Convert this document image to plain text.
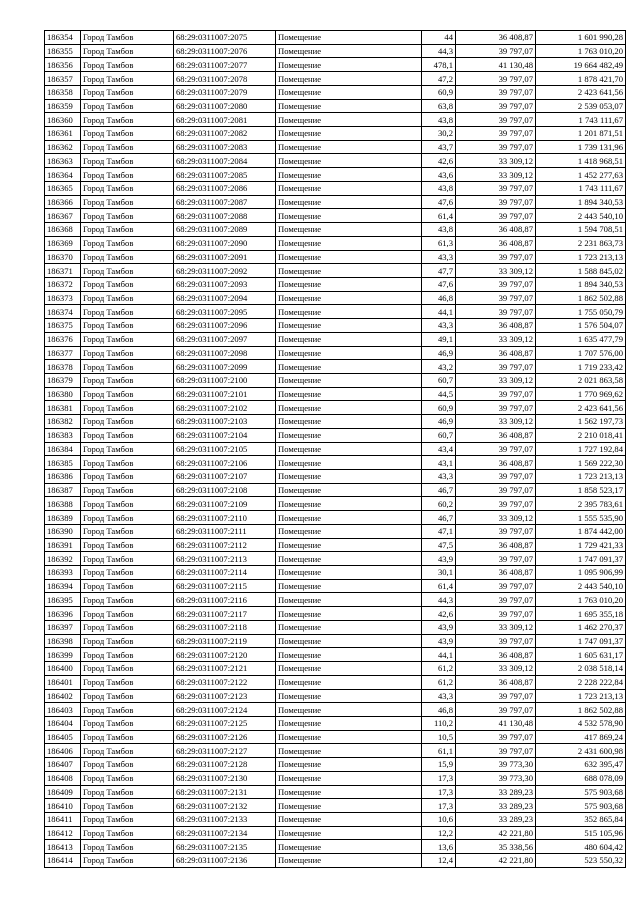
186354	Город Тамбов	68:29:0311007:2075	Помещение	44	36 408,87	1 601 990,28
186355	Город Тамбов	68:29:0311007:2076	Помещение	44,3	39 797,07	1 763 010,20
186356	Город Тамбов	68:29:0311007:2077	Помещение	478,1	41 130,48	19 664 482,49
186357	Город Тамбов	68:29:0311007:2078	Помещение	47,2	39 797,07	1 878 421,70
186358	Город Тамбов	68:29:0311007:2079	Помещение	60,9	39 797,07	2 423 641,56
186359	Город Тамбов	68:29:0311007:2080	Помещение	63,8	39 797,07	2 539 053,07
186360	Город Тамбов	68:29:0311007:2081	Помещение	43,8	39 797,07	1 743 111,67
186361	Город Тамбов	68:29:0311007:2082	Помещение	30,2	39 797,07	1 201 871,51
186362	Город Тамбов	68:29:0311007:2083	Помещение	43,7	39 797,07	1 739 131,96
186363	Город Тамбов	68:29:0311007:2084	Помещение	42,6	33 309,12	1 418 968,51
186364	Город Тамбов	68:29:0311007:2085	Помещение	43,6	33 309,12	1 452 277,63
186365	Город Тамбов	68:29:0311007:2086	Помещение	43,8	39 797,07	1 743 111,67
186366	Город Тамбов	68:29:0311007:2087	Помещение	47,6	39 797,07	1 894 340,53
186367	Город Тамбов	68:29:0311007:2088	Помещение	61,4	39 797,07	2 443 540,10
186368	Город Тамбов	68:29:0311007:2089	Помещение	43,8	36 408,87	1 594 708,51
186369	Город Тамбов	68:29:0311007:2090	Помещение	61,3	36 408,87	2 231 863,73
186370	Город Тамбов	68:29:0311007:2091	Помещение	43,3	39 797,07	1 723 213,13
186371	Город Тамбов	68:29:0311007:2092	Помещение	47,7	33 309,12	1 588 845,02
186372	Город Тамбов	68:29:0311007:2093	Помещение	47,6	39 797,07	1 894 340,53
186373	Город Тамбов	68:29:0311007:2094	Помещение	46,8	39 797,07	1 862 502,88
186374	Город Тамбов	68:29:0311007:2095	Помещение	44,1	39 797,07	1 755 050,79
186375	Город Тамбов	68:29:0311007:2096	Помещение	43,3	36 408,87	1 576 504,07
186376	Город Тамбов	68:29:0311007:2097	Помещение	49,1	33 309,12	1 635 477,79
186377	Город Тамбов	68:29:0311007:2098	Помещение	46,9	36 408,87	1 707 576,00
186378	Город Тамбов	68:29:0311007:2099	Помещение	43,2	39 797,07	1 719 233,42
186379	Город Тамбов	68:29:0311007:2100	Помещение	60,7	33 309,12	2 021 863,58
186380	Город Тамбов	68:29:0311007:2101	Помещение	44,5	39 797,07	1 770 969,62
186381	Город Тамбов	68:29:0311007:2102	Помещение	60,9	39 797,07	2 423 641,56
186382	Город Тамбов	68:29:0311007:2103	Помещение	46,9	33 309,12	1 562 197,73
186383	Город Тамбов	68:29:0311007:2104	Помещение	60,7	36 408,87	2 210 018,41
186384	Город Тамбов	68:29:0311007:2105	Помещение	43,4	39 797,07	1 727 192,84
186385	Город Тамбов	68:29:0311007:2106	Помещение	43,1	36 408,87	1 569 222,30
186386	Город Тамбов	68:29:0311007:2107	Помещение	43,3	39 797,07	1 723 213,13
186387	Город Тамбов	68:29:0311007:2108	Помещение	46,7	39 797,07	1 858 523,17
186388	Город Тамбов	68:29:0311007:2109	Помещение	60,2	39 797,07	2 395 783,61
186389	Город Тамбов	68:29:0311007:2110	Помещение	46,7	33 309,12	1 555 535,90
186390	Город Тамбов	68:29:0311007:2111	Помещение	47,1	39 797,07	1 874 442,00
186391	Город Тамбов	68:29:0311007:2112	Помещение	47,5	36 408,87	1 729 421,33
186392	Город Тамбов	68:29:0311007:2113	Помещение	43,9	39 797,07	1 747 091,37
186393	Город Тамбов	68:29:0311007:2114	Помещение	30,1	36 408,87	1 095 906,99
186394	Город Тамбов	68:29:0311007:2115	Помещение	61,4	39 797,07	2 443 540,10
186395	Город Тамбов	68:29:0311007:2116	Помещение	44,3	39 797,07	1 763 010,20
186396	Город Тамбов	68:29:0311007:2117	Помещение	42,6	39 797,07	1 695 355,18
186397	Город Тамбов	68:29:0311007:2118	Помещение	43,9	33 309,12	1 462 270,37
186398	Город Тамбов	68:29:0311007:2119	Помещение	43,9	39 797,07	1 747 091,37
186399	Город Тамбов	68:29:0311007:2120	Помещение	44,1	36 408,87	1 605 631,17
186400	Город Тамбов	68:29:0311007:2121	Помещение	61,2	33 309,12	2 038 518,14
186401	Город Тамбов	68:29:0311007:2122	Помещение	61,2	36 408,87	2 228 222,84
186402	Город Тамбов	68:29:0311007:2123	Помещение	43,3	39 797,07	1 723 213,13
186403	Город Тамбов	68:29:0311007:2124	Помещение	46,8	39 797,07	1 862 502,88
186404	Город Тамбов	68:29:0311007:2125	Помещение	110,2	41 130,48	4 532 578,90
186405	Город Тамбов	68:29:0311007:2126	Помещение	10,5	39 797,07	417 869,24
186406	Город Тамбов	68:29:0311007:2127	Помещение	61,1	39 797,07	2 431 600,98
186407	Город Тамбов	68:29:0311007:2128	Помещение	15,9	39 773,30	632 395,47
186408	Город Тамбов	68:29:0311007:2130	Помещение	17,3	39 773,30	688 078,09
186409	Город Тамбов	68:29:0311007:2131	Помещение	17,3	33 289,23	575 903,68
186410	Город Тамбов	68:29:0311007:2132	Помещение	17,3	33 289,23	575 903,68
186411	Город Тамбов	68:29:0311007:2133	Помещение	10,6	33 289,23	352 865,84
186412	Город Тамбов	68:29:0311007:2134	Помещение	12,2	42 221,80	515 105,96
186413	Город Тамбов	68:29:0311007:2135	Помещение	13,6	35 338,56	480 604,42
186414	Город Тамбов	68:29:0311007:2136	Помещение	12,4	42 221,80	523 550,32
